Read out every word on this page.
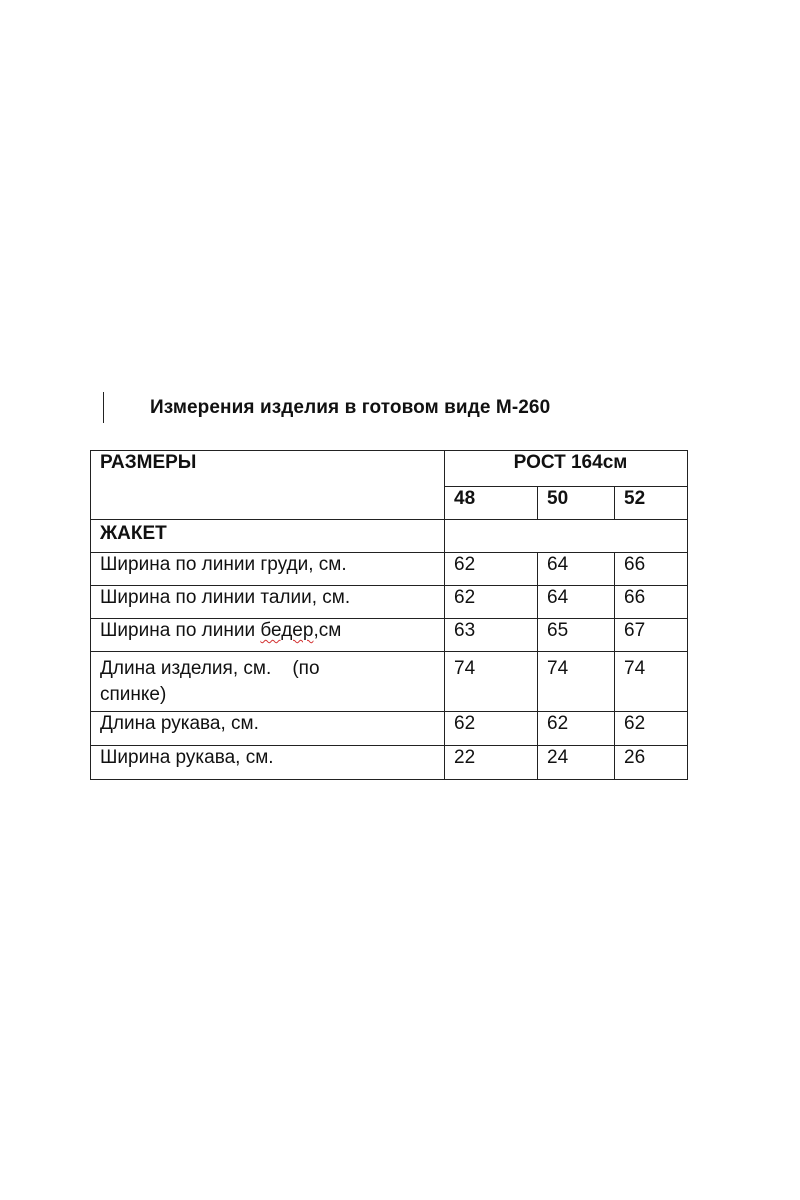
Измерения изделия в готовом виде М-260
РАЗМЕРЫ	РОСТ 164см		
	48	50	52
ЖАКЕТ			
Ширина по линии груди, см.	62	64	66
Ширина по линии талии, см.	62	64	66
Ширина по линии бедер,см	63	65	67
Длина изделия, см.    (по
спинке)	74	74	74
Длина рукава, см.	62	62	62
Ширина рукава, см.	22	24	26
